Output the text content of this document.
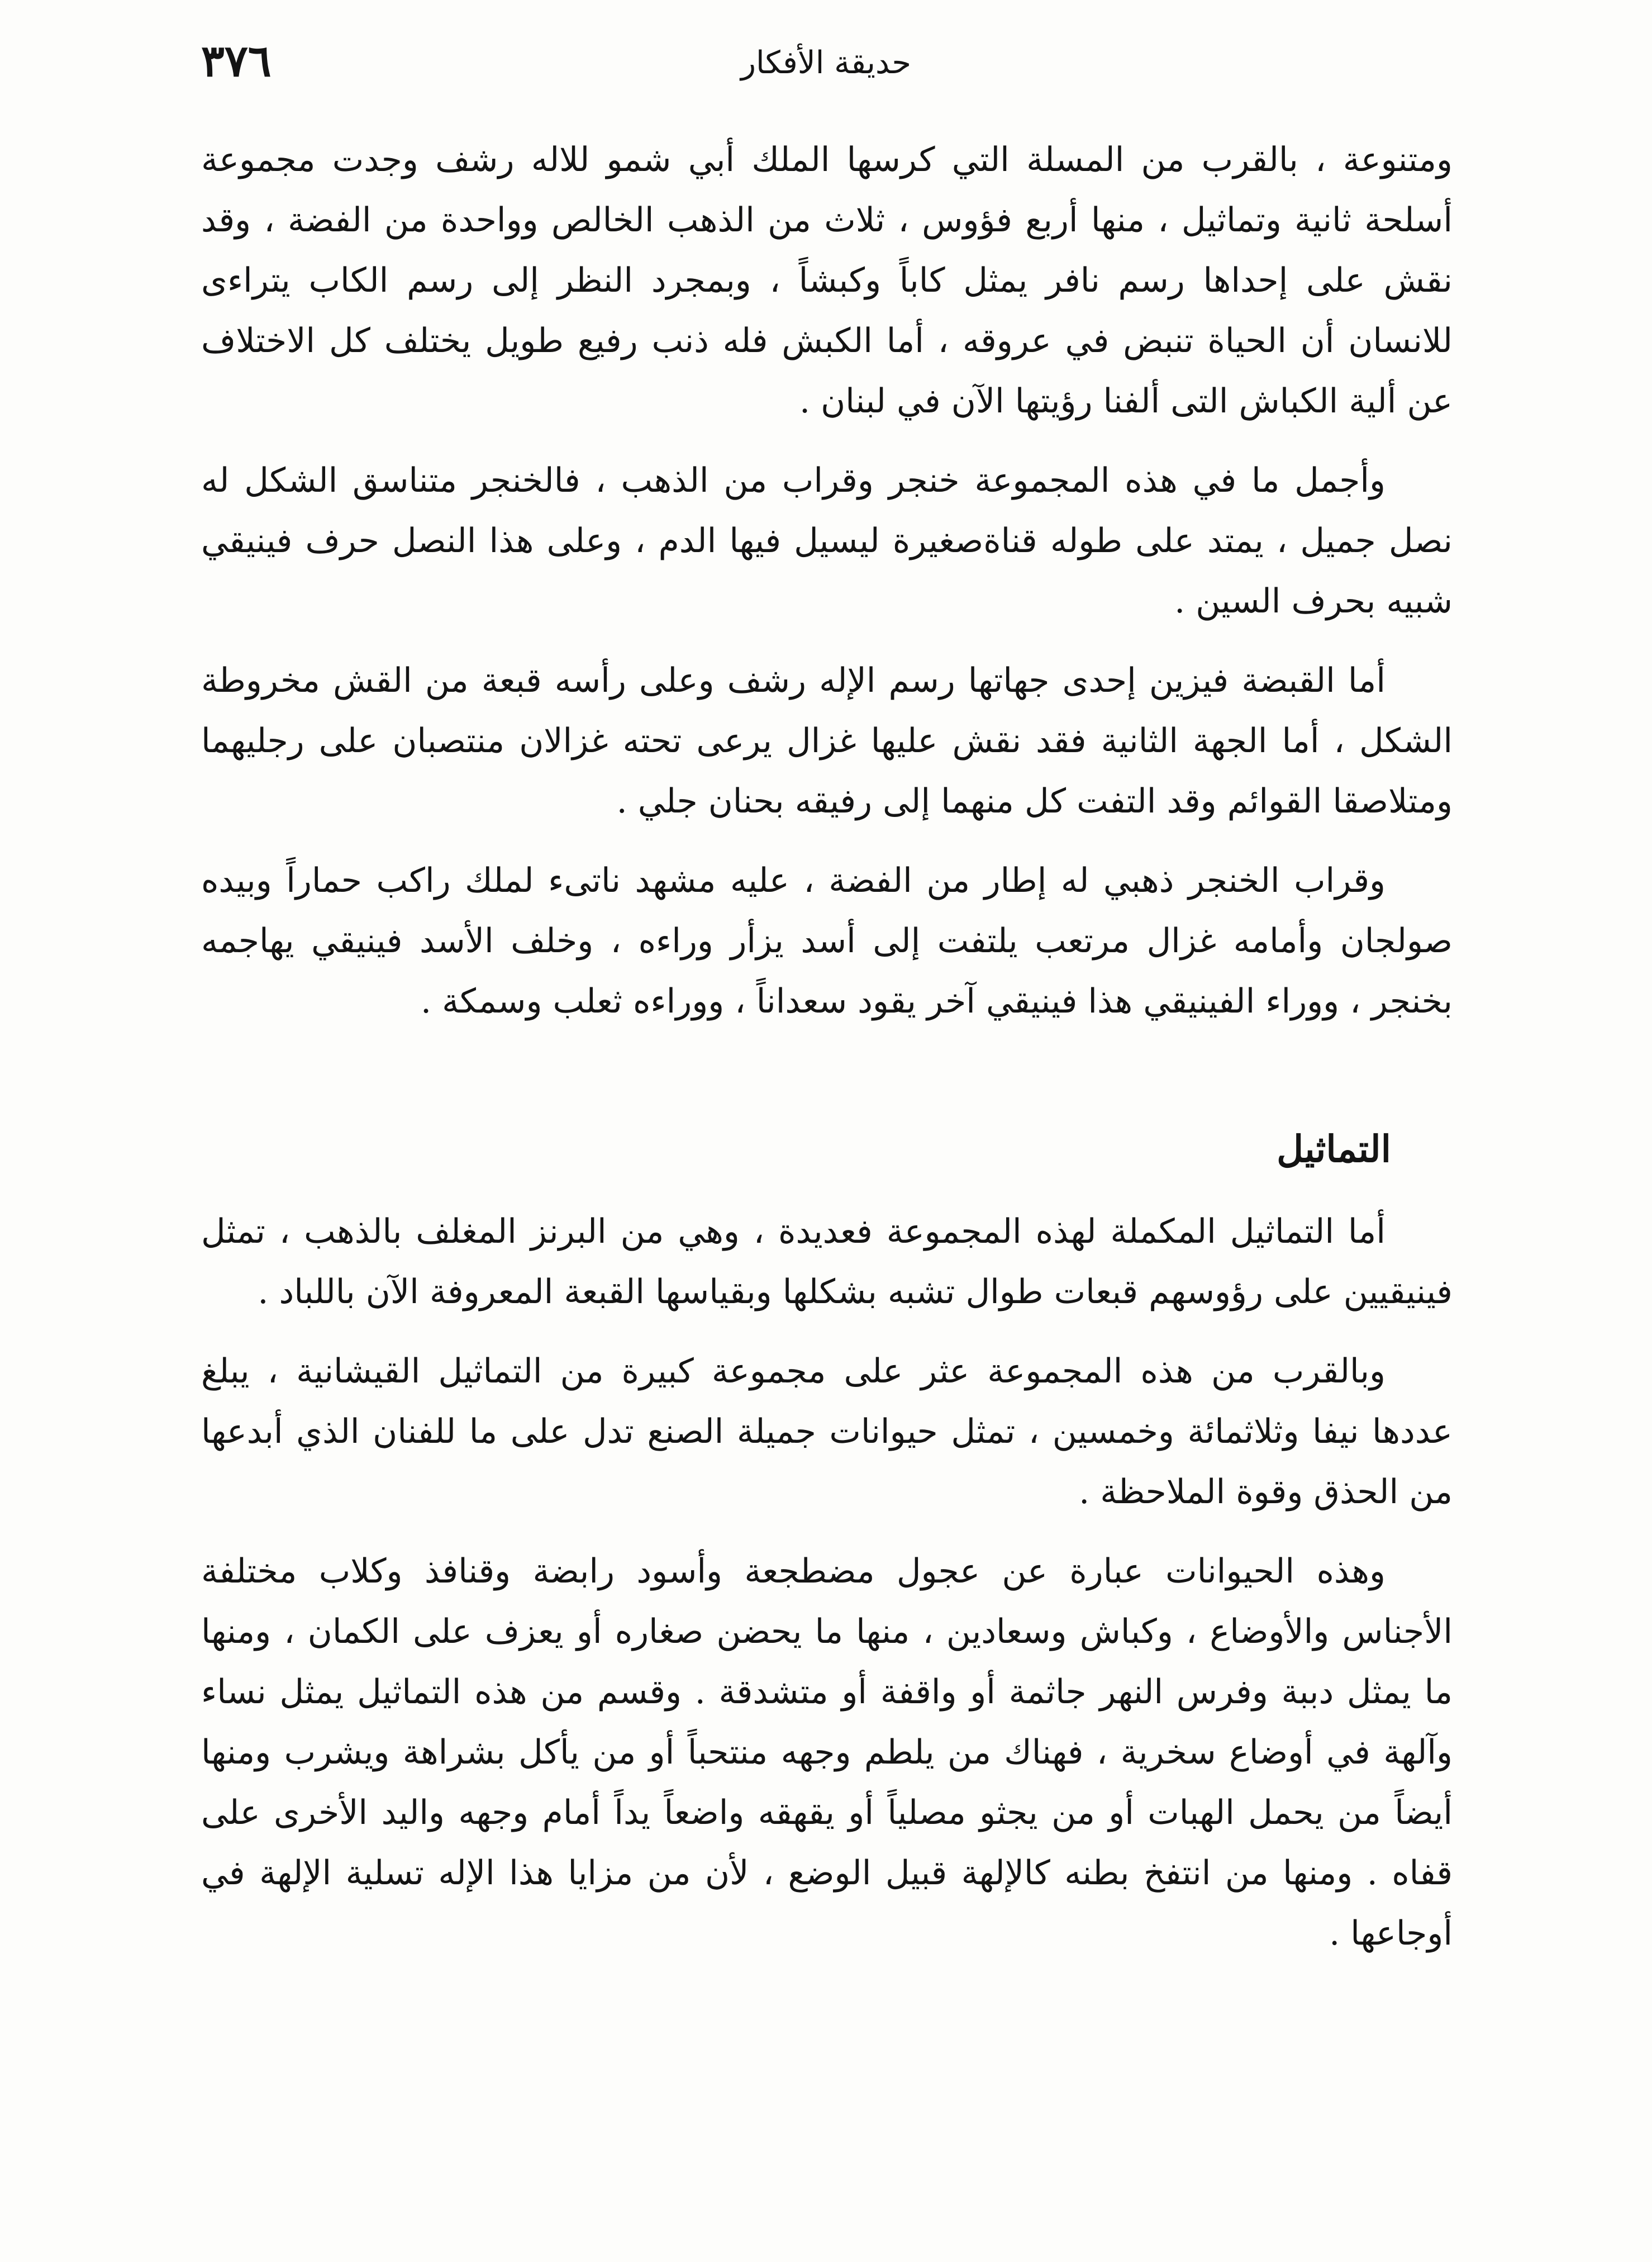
٣٧٦	حديقة الأفكار

ومتنوعة ، بالقرب من المسلة التي كرسها الملك أبي شمو للاله رشف وجدت مجموعة أسلحة ثانية وتماثيل ، منها أربع فؤوس ، ثلاث من الذهب الخالص وواحدة من الفضة ، وقد نقش على إحداها رسم نافر يمثل كاباً وكبشاً ، وبمجرد النظر إلى رسم الكاب يتراءى للانسان أن الحياة تنبض في عروقه ، أما الكبش فله ذنب رفيع طويل يختلف كل الاختلاف عن ألية الكباش التى ألفنا رؤيتها الآن في لبنان .

وأجمل ما في هذه المجموعة خنجر وقراب من الذهب ، فالخنجر متناسق الشكل له نصل جميل ، يمتد على طوله قناةصغيرة ليسيل فيها الدم ، وعلى هذا النصل حرف فينيقي شبيه بحرف السين .

أما القبضة فيزين إحدى جهاتها رسم الإله رشف وعلى رأسه قبعة من القش مخروطة الشكل ، أما الجهة الثانية فقد نقش عليها غزال يرعى تحته غزالان منتصبان على رجليهما ومتلاصقا القوائم وقد التفت كل منهما إلى رفيقه بحنان جلي .

وقراب الخنجر ذهبي له إطار من الفضة ، عليه مشهد ناتىء لملك راكب حماراً وبيده صولجان وأمامه غزال مرتعب يلتفت إلى أسد يزأر وراءه ، وخلف الأسد فينيقي يهاجمه بخنجر ، ووراء الفينيقي هذا فينيقي آخر يقود سعداناً ، ووراءه ثعلب وسمكة .

التماثيل

أما التماثيل المكملة لهذه المجموعة فعديدة ، وهي من البرنز المغلف بالذهب ، تمثل فينيقيين على رؤوسهم قبعات طوال تشبه بشكلها وبقياسها القبعة المعروفة الآن باللباد .

وبالقرب من هذه المجموعة عثر على مجموعة كبيرة من التماثيل القيشانية ، يبلغ عددها نيفا وثلاثمائة وخمسين ، تمثل حيوانات جميلة الصنع تدل على ما للفنان الذي أبدعها من الحذق وقوة الملاحظة .

وهذه الحيوانات عبارة عن عجول مضطجعة وأسود رابضة وقنافذ وكلاب مختلفة الأجناس والأوضاع ، وكباش وسعادين ، منها ما يحضن صغاره أو يعزف على الكمان ، ومنها ما يمثل دببة وفرس النهر جاثمة أو واقفة أو متشدقة . وقسم من هذه التماثيل يمثل نساء وآلهة في أوضاع سخرية ، فهناك من يلطم وجهه منتحباً أو من يأكل بشراهة ويشرب ومنها أيضاً من يحمل الهبات أو من يجثو مصلياً أو يقهقه واضعاً يداً أمام وجهه واليد الأخرى على قفاه . ومنها من انتفخ بطنه كالإلهة قبيل الوضع ، لأن من مزايا هذا الإله تسلية الإلهة في أوجاعها .
